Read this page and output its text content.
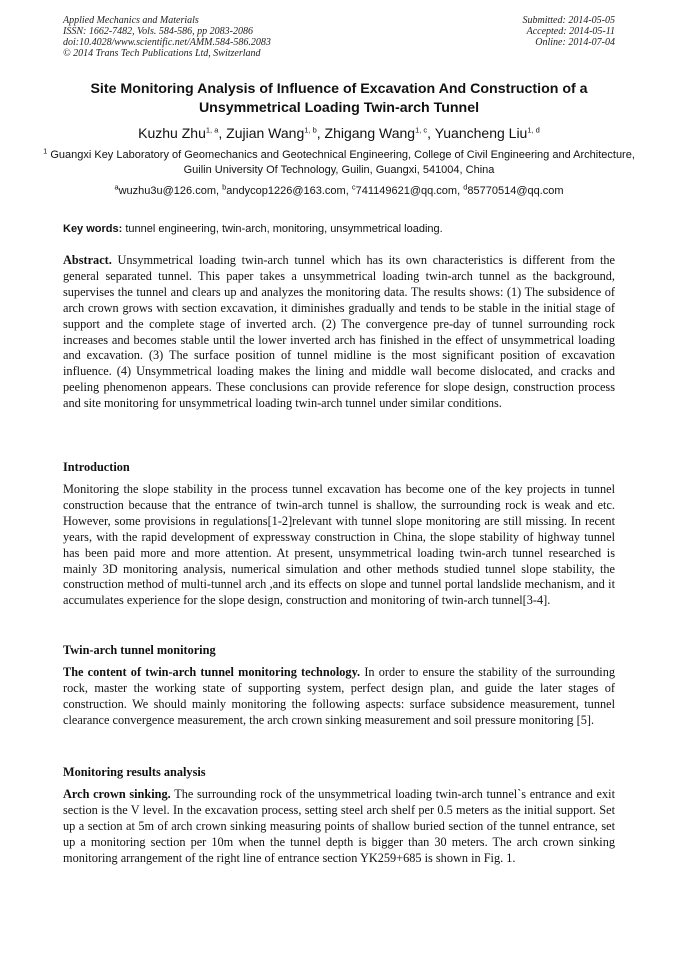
Applied Mechanics and Materials
ISSN: 1662-7482, Vols. 584-586, pp 2083-2086
doi:10.4028/www.scientific.net/AMM.584-586.2083
© 2014 Trans Tech Publications Ltd, Switzerland
Submitted: 2014-05-05
Accepted: 2014-05-11
Online: 2014-07-04
Site Monitoring Analysis of Influence of Excavation And Construction of a Unsymmetrical Loading Twin-arch Tunnel
Kuzhu Zhu$^{1, a}$, Zujian Wang$^{1, b}$, Zhigang Wang$^{1, c}$, Yuancheng Liu$^{1, d}$
$^1$ Guangxi Key Laboratory of Geomechanics and Geotechnical Engineering, College of Civil Engineering and Architecture, Guilin University Of Technology, Guilin, Guangxi, 541004, China
$^a$wuzhu3u@126.com, $^b$andycop1226@163.com, $^c$741149621@qq.com, $^d$85770514@qq.com
Key words: tunnel engineering, twin-arch, monitoring, unsymmetrical loading.
Abstract. Unsymmetrical loading twin-arch tunnel which has its own characteristics is different from the general separated tunnel. This paper takes a unsymmetrical loading twin-arch tunnel as the background, supervises the tunnel and clears up and analyzes the monitoring data. The results shows: (1) The subsidence of arch crown grows with section excavation, it diminishes gradually and tends to be stable in the initial stage of support and the complete stage of inverted arch. (2) The convergence pre-day of tunnel surrounding rock increases and becomes stable until the lower inverted arch has finished in the effect of unsymmetrical loading and excavation. (3) The surface position of tunnel midline is the most significant position of excavation influence. (4) Unsymmetrical loading makes the lining and middle wall become dislocated, and cracks and peeling phenomenon appears. These conclusions can provide reference for slope design, construction process and site monitoring for unsymmetrical loading twin-arch tunnel under similar conditions.
Introduction
Monitoring the slope stability in the process tunnel excavation has become one of the key projects in tunnel construction because that the entrance of twin-arch tunnel is shallow, the surrounding rock is weak and etc. However, some provisions in regulations[1-2]relevant with tunnel slope monitoring are still missing. In recent years, with the rapid development of expressway construction in China, the slope stability of highway tunnel has been paid more and more attention. At present, unsymmetrical loading twin-arch tunnel researched is mainly 3D monitoring analysis, numerical simulation and other methods studied tunnel slope stability, the construction method of multi-tunnel arch ,and its effects on slope and tunnel portal landslide mechanism, and it accumulates experience for the slope design, construction and monitoring of twin-arch tunnel[3-4].
Twin-arch tunnel monitoring
The content of twin-arch tunnel monitoring technology. In order to ensure the stability of the surrounding rock, master the working state of supporting system, perfect design plan, and guide the later stages of construction. We should mainly monitoring the following aspects: surface subsidence measurement, tunnel clearance convergence measurement, the arch crown sinking measurement and soil pressure monitoring [5].
Monitoring results analysis
Arch crown sinking. The surrounding rock of the unsymmetrical loading twin-arch tunnel`s entrance and exit section is the V level. In the excavation process, setting steel arch shelf per 0.5 meters as the initial support. Set up a section at 5m of arch crown sinking measuring points of shallow buried section of the tunnel entrance, set up a monitoring section per 10m when the tunnel depth is bigger than 30 meters. The arch crown sinking monitoring arrangement of the right line of entrance section YK259+685 is shown in Fig. 1.
